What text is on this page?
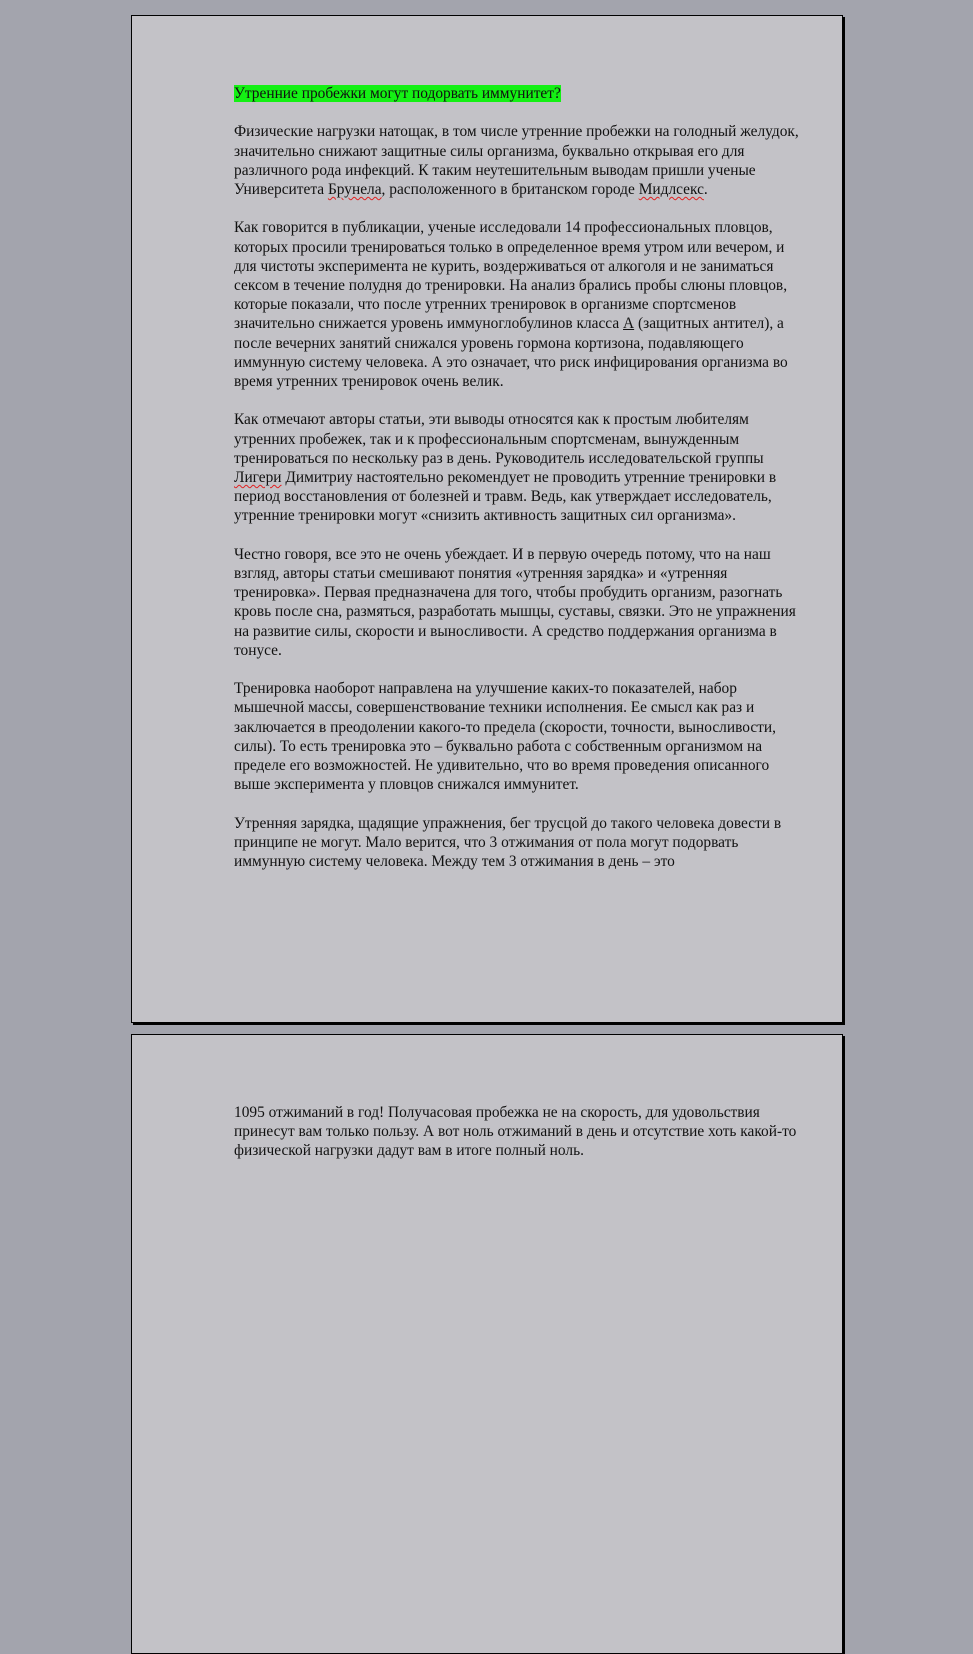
Утренние пробежки могут подорвать иммунитет?

Физические нагрузки натощак, в том числе утренние пробежки на голодный желудок, значительно снижают защитные силы организма, буквально открывая его для различного рода инфекций. К таким неутешительным выводам пришли ученые Университета Брунела, расположенного в британском городе Мидлсекс.

Как говорится в публикации, ученые исследовали 14 профессиональных пловцов, которых просили тренироваться только в определенное время утром или вечером, и для чистоты эксперимента не курить, воздерживаться от алкоголя и не заниматься сексом в течение полудня до тренировки. На анализ брались пробы слюны пловцов, которые показали, что после утренних тренировок в организме спортсменов значительно снижается уровень иммуноглобулинов класса А (защитных антител), а после вечерних занятий снижался уровень гормона кортизона, подавляющего иммунную систему человека. А это означает, что риск инфицирования организма во время утренних тренировок очень велик.

Как отмечают авторы статьи, эти выводы относятся как к простым любителям утренних пробежек, так и к профессиональным спортсменам, вынужденным тренироваться по нескольку раз в день. Руководитель исследовательской группы Лигери Димитриу настоятельно рекомендует не проводить утренние тренировки в период восстановления от болезней и травм. Ведь, как утверждает исследователь, утренние тренировки могут «снизить активность защитных сил организма».

Честно говоря, все это не очень убеждает. И в первую очередь потому, что на наш взгляд, авторы статьи смешивают понятия «утренняя зарядка» и «утренняя тренировка». Первая предназначена для того, чтобы пробудить организм, разогнать кровь после сна, размяться, разработать мышцы, суставы, связки. Это не упражнения на развитие силы, скорости и выносливости. А средство поддержания организма в тонусе.

Тренировка наоборот направлена на улучшение каких-то показателей, набор мышечной массы, совершенствование техники исполнения. Ее смысл как раз и заключается в преодолении какого-то предела (скорости, точности, выносливости, силы). То есть тренировка это – буквально работа с собственным организмом на пределе его возможностей. Не удивительно, что во время проведения описанного выше эксперимента у пловцов снижался иммунитет.

Утренняя зарядка, щадящие упражнения, бег трусцой до такого человека довести в принципе не могут. Мало верится, что 3 отжимания от пола могут подорвать иммунную систему человека. Между тем 3 отжимания в день – это

1095 отжиманий в год! Получасовая пробежка не на скорость, для удовольствия принесут вам только пользу. А вот ноль отжиманий в день и отсутствие хоть какой-то физической нагрузки дадут вам в итоге полный ноль.
